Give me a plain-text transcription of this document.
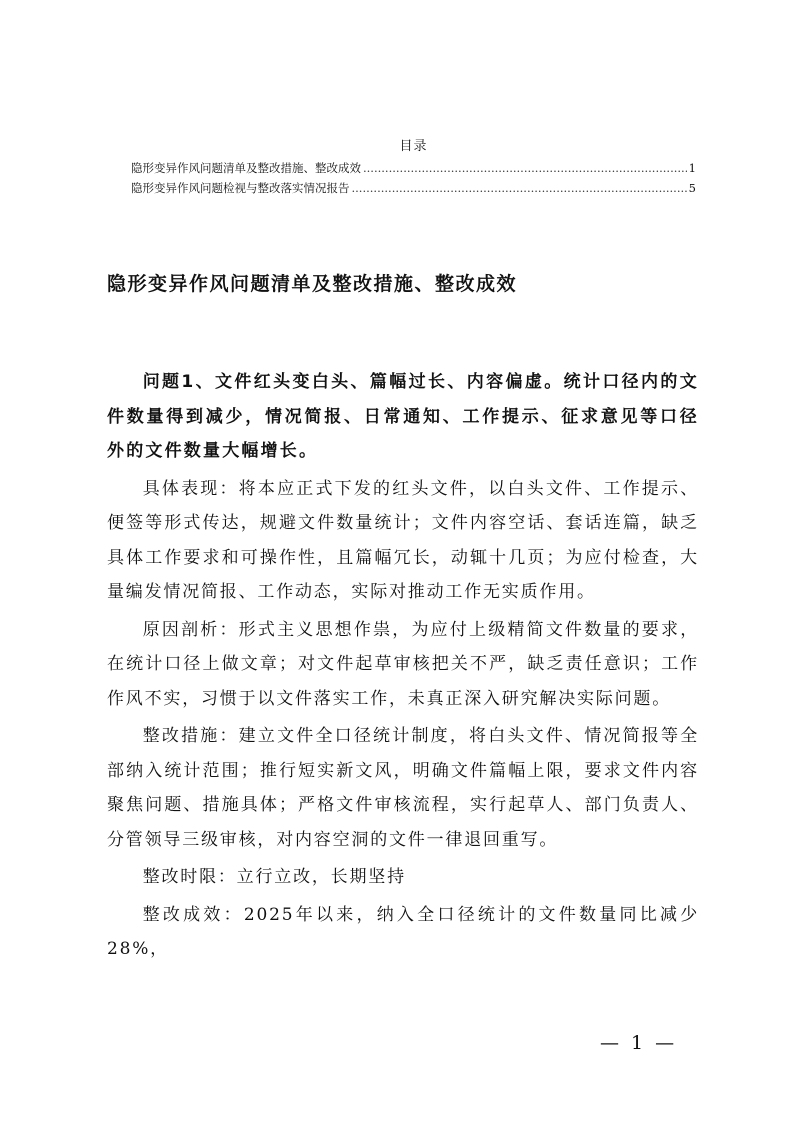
目录
隐形变异作风问题清单及整改措施、整改成效 .....	1
隐形变异作风问题检视与整改落实情况报告 .....	5
隐形变异作风问题清单及整改措施、整改成效

问题1、文件红头变白头、篇幅过长、内容偏虚。统计口径内的文件数量得到减少，情况简报、日常通知、工作提示、征求意见等口径外的文件数量大幅增长。

具体表现：将本应正式下发的红头文件，以白头文件、工作提示、便签等形式传达，规避文件数量统计；文件内容空话、套话连篇，缺乏具体工作要求和可操作性，且篇幅冗长，动辄十几页；为应付检查，大量编发情况简报、工作动态，实际对推动工作无实质作用。

原因剖析：形式主义思想作祟，为应付上级精简文件数量的要求，在统计口径上做文章；对文件起草审核把关不严，缺乏责任意识；工作作风不实，习惯于以文件落实工作，未真正深入研究解决实际问题。

整改措施：建立文件全口径统计制度，将白头文件、情况简报等全部纳入统计范围；推行短实新文风，明确文件篇幅上限，要求文件内容聚焦问题、措施具体；严格文件审核流程，实行起草人、部门负责人、分管领导三级审核，对内容空洞的文件一律退回重写。

整改时限：立行立改，长期坚持

整改成效：2025年以来，纳入全口径统计的文件数量同比减少28%，

— 1 —
